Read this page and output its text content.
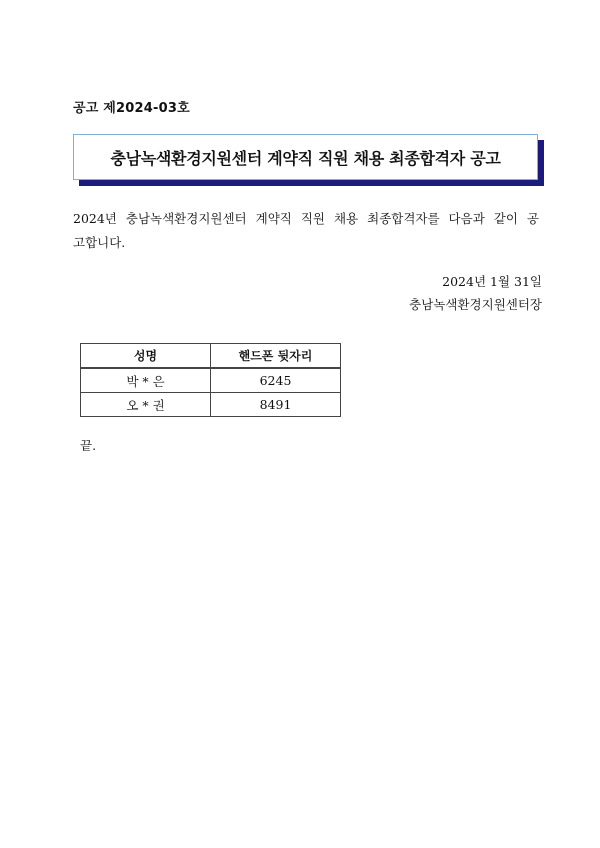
공고 제2024-03호
충남녹색환경지원센터 계약직 직원 채용 최종합격자 공고
2024년 충남녹색환경지원센터 계약직 직원 채용 최종합격자를 다음과 같이 공고합니다.
2024년 1월 31일
충남녹색환경지원센터장
성명	핸드폰 뒷자리
박 * 은	6245
오 * 권	8491
끝.
